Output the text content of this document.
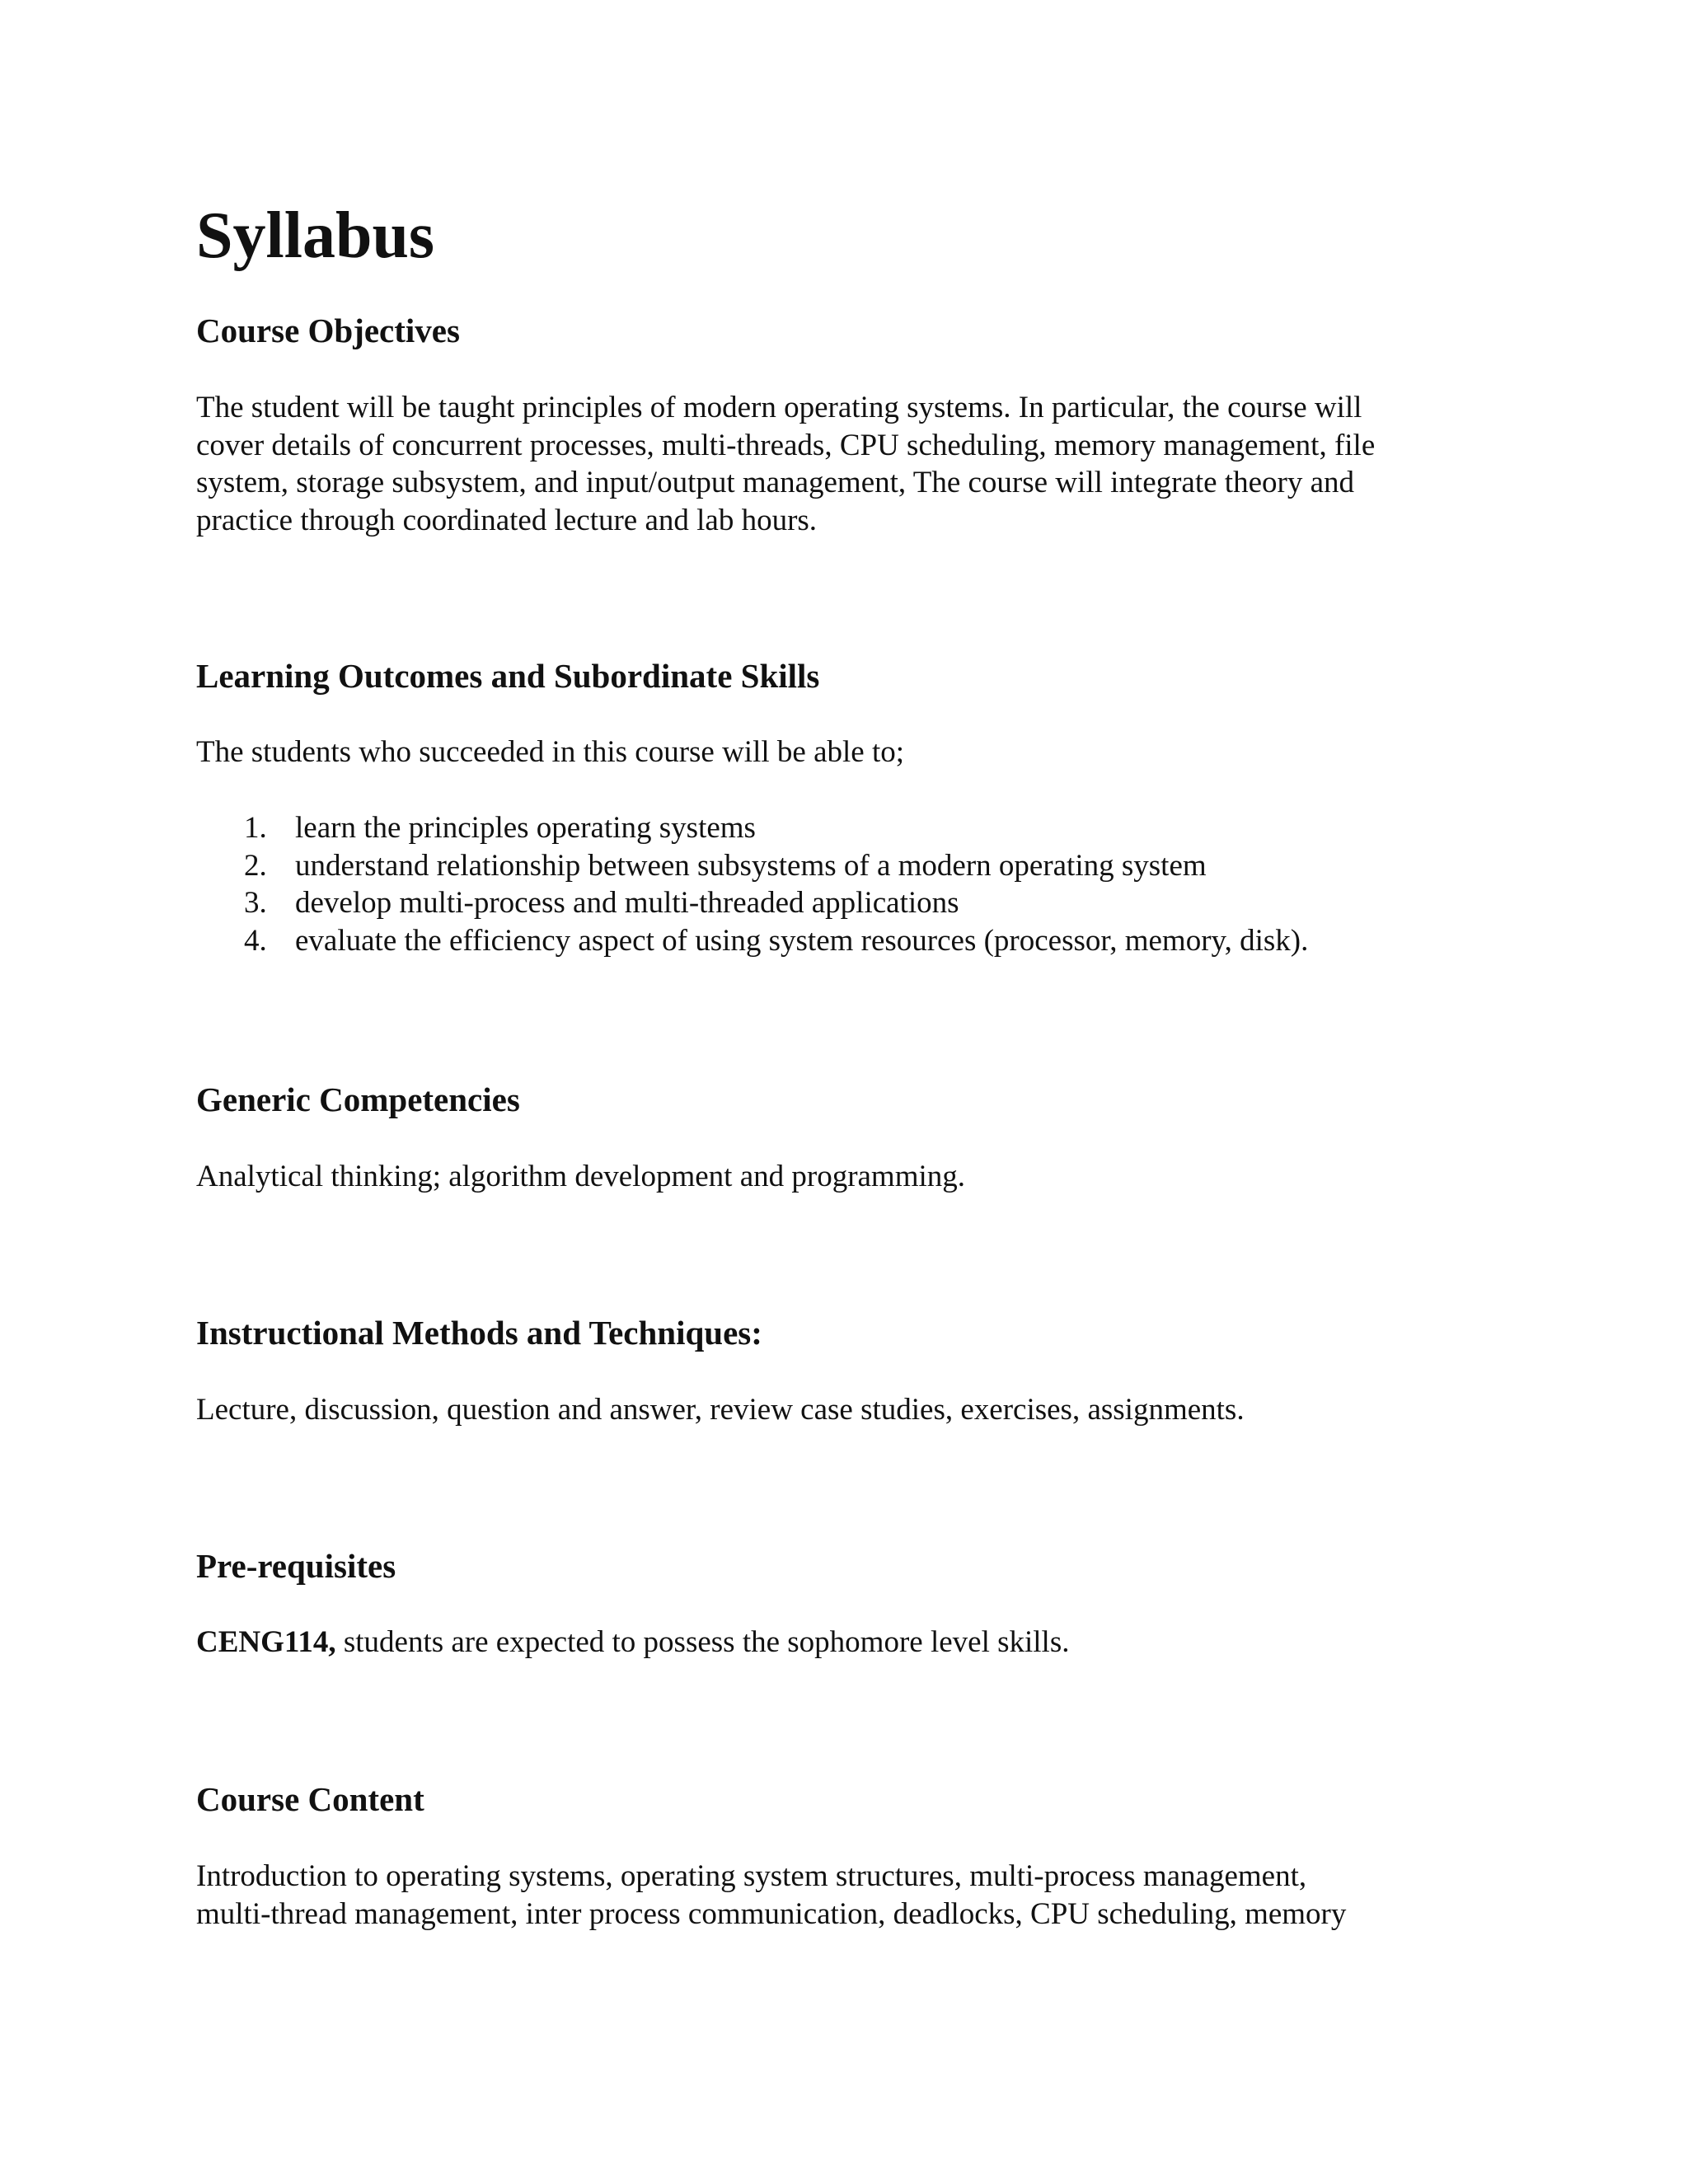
Syllabus
Course Objectives

The student will be taught principles of modern operating systems. In particular, the course will
cover details of concurrent processes, multi-threads, CPU scheduling, memory management, file
system, storage subsystem, and input/output management, The course will integrate theory and
practice through coordinated lecture and lab hours.

Learning Outcomes and Subordinate Skills

The students who succeeded in this course will be able to;

1. learn the principles operating systems
2. understand relationship between subsystems of a modern operating system
3. develop multi-process and multi-threaded applications
4. evaluate the efficiency aspect of using system resources (processor, memory, disk).
Generic Competencies

Analytical thinking; algorithm development and programming.

Instructional Methods and Techniques:

Lecture, discussion, question and answer, review case studies, exercises, assignments.

Pre-requisites

CENG114, students are expected to possess the sophomore level skills.

Course Content

Introduction to operating systems, operating system structures, multi-process management,
multi-thread management, inter process communication, deadlocks, CPU scheduling, memory
